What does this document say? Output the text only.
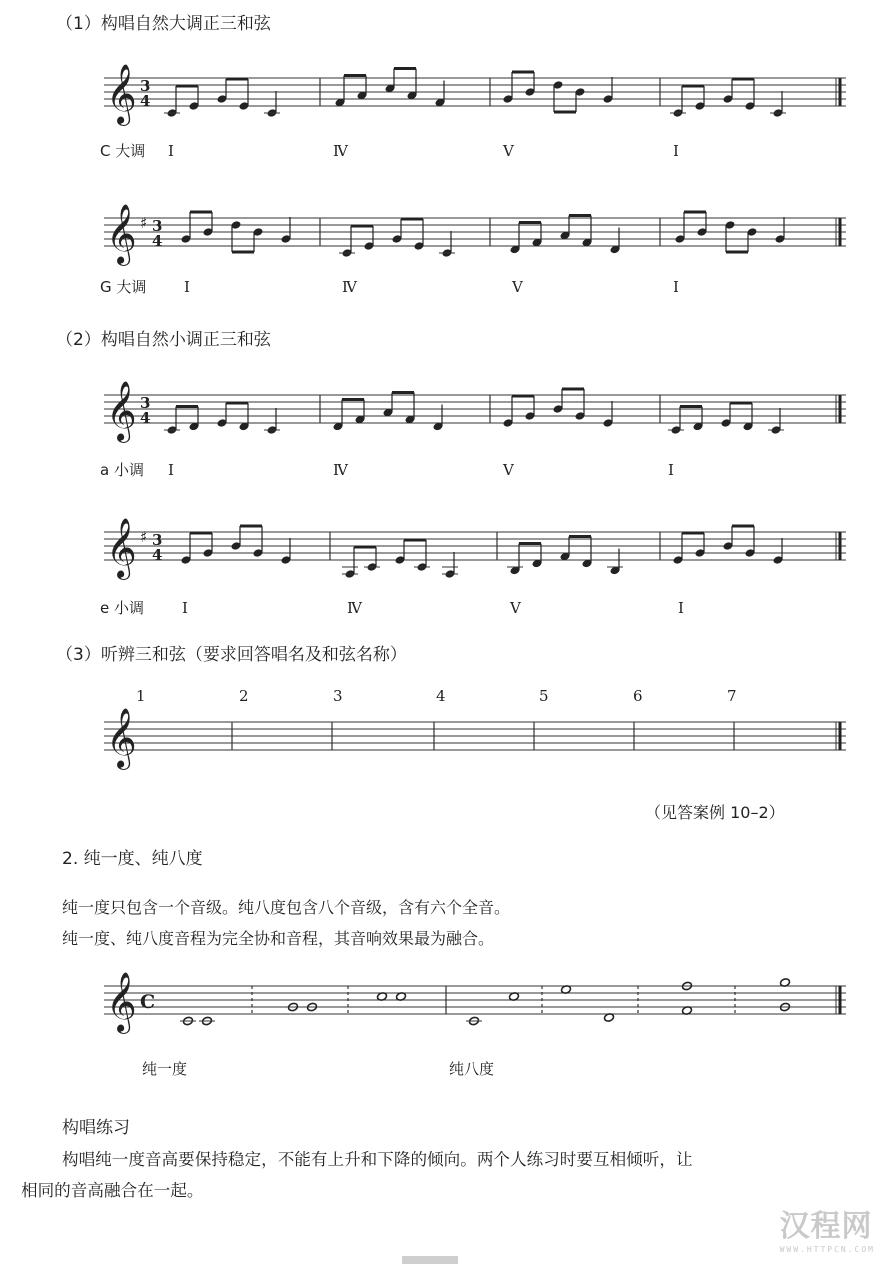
（1）构唱自然大调正三和弦
𝄞 3
4
C 大调 Ⅰ	Ⅳ	Ⅴ	Ⅰ
𝄞 ♯ 3
4
G 大调	Ⅰ	Ⅳ	Ⅴ	Ⅰ
（2）构唱自然小调正三和弦
𝄞 3
4
a 小调 Ⅰ	Ⅳ	Ⅴ	Ⅰ
𝄞 ♯ 3
4
e 小调	Ⅰ	Ⅳ	Ⅴ	Ⅰ
（3）听辨三和弦（要求回答唱名及和弦名称）
1	2	3	4	5	6	7
𝄞
（见答案例 10–2）
2. 纯一度、纯八度
纯一度只包含一个音级。纯八度包含八个音级，含有六个全音。
纯一度、纯八度音程为完全协和音程，其音响效果最为融合。
𝄞 C
纯一度	纯八度
构唱练习
构唱纯一度音高要保持稳定，不能有上升和下降的倾向。两个人练习时要互相倾听，让
相同的音高融合在一起。
汉程网
WWW.HTTPCN.COM
